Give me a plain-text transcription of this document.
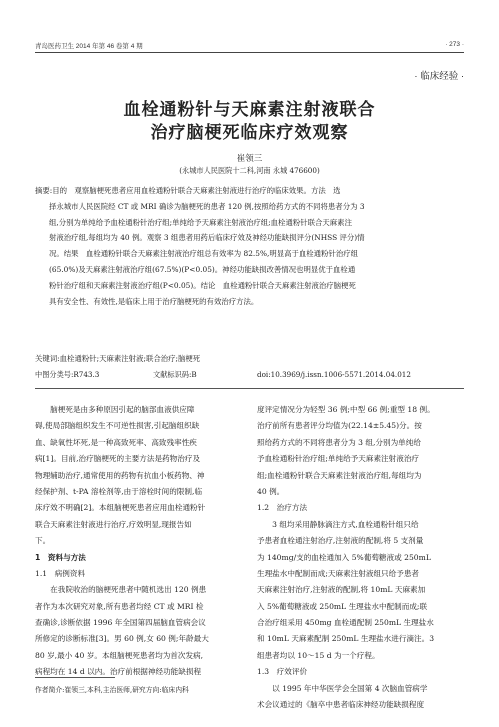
青岛医药卫生 2014 年第 46 卷第 4 期	· 273 ·
· 临床经验 ·
血栓通粉针与天麻素注射液联合
治疗脑梗死临床疗效观察
崔领三
(永城市人民医院十二科,河南 永城 476600)
摘要:目的　观察脑梗死患者应用血栓通粉针联合天麻素注射液进行治疗的临床效果。方法　选
择永城市人民医院经 CT 或 MRI 确诊为脑梗死的患者 120 例,按照给药方式的不同将患者分为 3
组,分别为单纯给予血栓通粉针治疗组;单纯给予天麻素注射液治疗组;血栓通粉针联合天麻素注
射液治疗组,每组均为 40 例。观察 3 组患者用药后临床疗效及神经功能缺损评分(NHSS 评分)情
况。结果　血栓通粉针联合天麻素注射液治疗组总有效率为 82.5%,明显高于血栓通粉针治疗组
(65.0%)及天麻素注射液治疗组(67.5%)(P<0.05)。神经功能缺损改善情况也明显优于血栓通
粉针治疗组和天麻素注射液治疗组(P<0.05)。结论　血栓通粉针联合天麻素注射液治疗脑梗死
具有安全性、有效性,是临床上用于治疗脑梗死的有效治疗方法。
关键词:血栓通粉针;天麻素注射液;联合治疗;脑梗死
中图分类号:R743.3	文献标识码:B	doi:10.3969/j.issn.1006-5571.2014.04.012
　　脑梗死是由多种原因引起的脑部血液供应障
碍,使局部脑组织发生不可逆性损害,引起脑组织缺
血、缺氧性坏死,是一种高致死率、高致残率性疾
病[1]。目前,治疗脑梗死的主要方法是药物治疗及
物理辅助治疗,通常使用的药物有抗血小板药物、神
经保护剂、t-PA 溶栓剂等,由于溶栓时间的限制,临
床疗效不明确[2]。本组脑梗死患者应用血栓通粉针
联合天麻素注射液进行治疗,疗效明显,现报告如
下。
1　资料与方法
1.1　病例资料
　　在我院收治的脑梗死患者中随机选出 120 例患
者作为本次研究对象,所有患者均经 CT 或 MRI 检
查确诊,诊断依据 1996 年全国第四届脑血管病会议
所修定的诊断标准[3]。男 60 例,女 60 例;年龄最大
80 岁,最小 40 岁。本组脑梗死患者均为首次发病,
病程均在 14 d 以内。治疗前根据神经功能缺损程
度评定情况分为轻型 36 例;中型 66 例;重型 18 例。
治疗前所有患者评分均值为(22.14±5.45)分。按
照给药方式的不同将患者分为 3 组,分别为单纯给
予血栓通粉针治疗组;单纯给予天麻素注射液治疗
组;血栓通粉针联合天麻素注射液治疗组,每组均为
40 例。
1.2　治疗方法
　　3 组均采用静脉滴注方式,血栓通粉针组只给
予患者血栓通注射治疗,注射液的配制,将 5 支剂量
为 140mg/支的血栓通加入 5%葡萄糖液或 250mL
生理盐水中配制而成;天麻素注射液组只给予患者
天麻素注射治疗,注射液的配制,将 10mL 天麻素加
入 5%葡萄糖液或 250mL 生理盐水中配制而成;联
合治疗组采用 450mg 血栓通配制 250mL 生理盐水
和 10mL 天麻素配制 250mL 生理盐水进行滴注。3
组患者均以 10～15 d 为一个疗程。
1.3　疗效评价
　　以 1995 年中华医学会全国第 4 次脑血管病学
术会议通过的《脑卒中患者临床神经功能缺损程度
作者简介:崔领三,本科,主治医师,研究方向:临床内科
